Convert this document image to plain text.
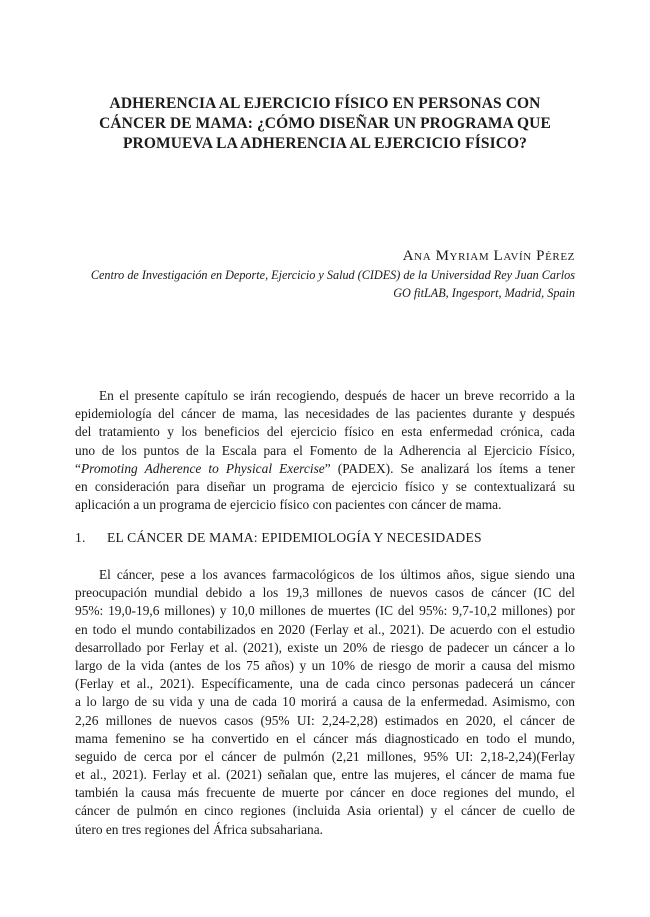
ADHERENCIA AL EJERCICIO FÍSICO EN PERSONAS CON
CÁNCER DE MAMA: ¿CÓMO DISEÑAR UN PROGRAMA QUE
PROMUEVA LA ADHERENCIA AL EJERCICIO FÍSICO?
Ana Myriam Lavín Pérez
Centro de Investigación en Deporte, Ejercicio y Salud (CIDES) de la Universidad Rey Juan Carlos
GO fitLAB, Ingesport, Madrid, Spain
En el presente capítulo se irán recogiendo, después de hacer un breve recorrido a la
epidemiología del cáncer de mama, las necesidades de las pacientes durante y después
del tratamiento y los beneficios del ejercicio físico en esta enfermedad crónica, cada
uno de los puntos de la Escala para el Fomento de la Adherencia al Ejercicio Físico,
“Promoting Adherence to Physical Exercise” (PADEX). Se analizará los ítems a tener
en consideración para diseñar un programa de ejercicio físico y se contextualizará su
aplicación a un programa de ejercicio físico con pacientes con cáncer de mama.
1. EL CÁNCER DE MAMA: EPIDEMIOLOGÍA Y NECESIDADES
El cáncer, pese a los avances farmacológicos de los últimos años, sigue siendo una
preocupación mundial debido a los 19,3 millones de nuevos casos de cáncer (IC del
95%: 19,0-19,6 millones) y 10,0 millones de muertes (IC del 95%: 9,7-10,2 millones) por
en todo el mundo contabilizados en 2020 (Ferlay et al., 2021). De acuerdo con el estudio
desarrollado por Ferlay et al. (2021), existe un 20% de riesgo de padecer un cáncer a lo
largo de la vida (antes de los 75 años) y un 10% de riesgo de morir a causa del mismo
(Ferlay et al., 2021). Específicamente, una de cada cinco personas padecerá un cáncer
a lo largo de su vida y una de cada 10 morirá a causa de la enfermedad. Asimismo, con
2,26 millones de nuevos casos (95% UI: 2,24-2,28) estimados en 2020, el cáncer de
mama femenino se ha convertido en el cáncer más diagnosticado en todo el mundo,
seguido de cerca por el cáncer de pulmón (2,21 millones, 95% UI: 2,18-2,24)(Ferlay
et al., 2021). Ferlay et al. (2021) señalan que, entre las mujeres, el cáncer de mama fue
también la causa más frecuente de muerte por cáncer en doce regiones del mundo, el
cáncer de pulmón en cinco regiones (incluida Asia oriental) y el cáncer de cuello de
útero en tres regiones del África subsahariana.
